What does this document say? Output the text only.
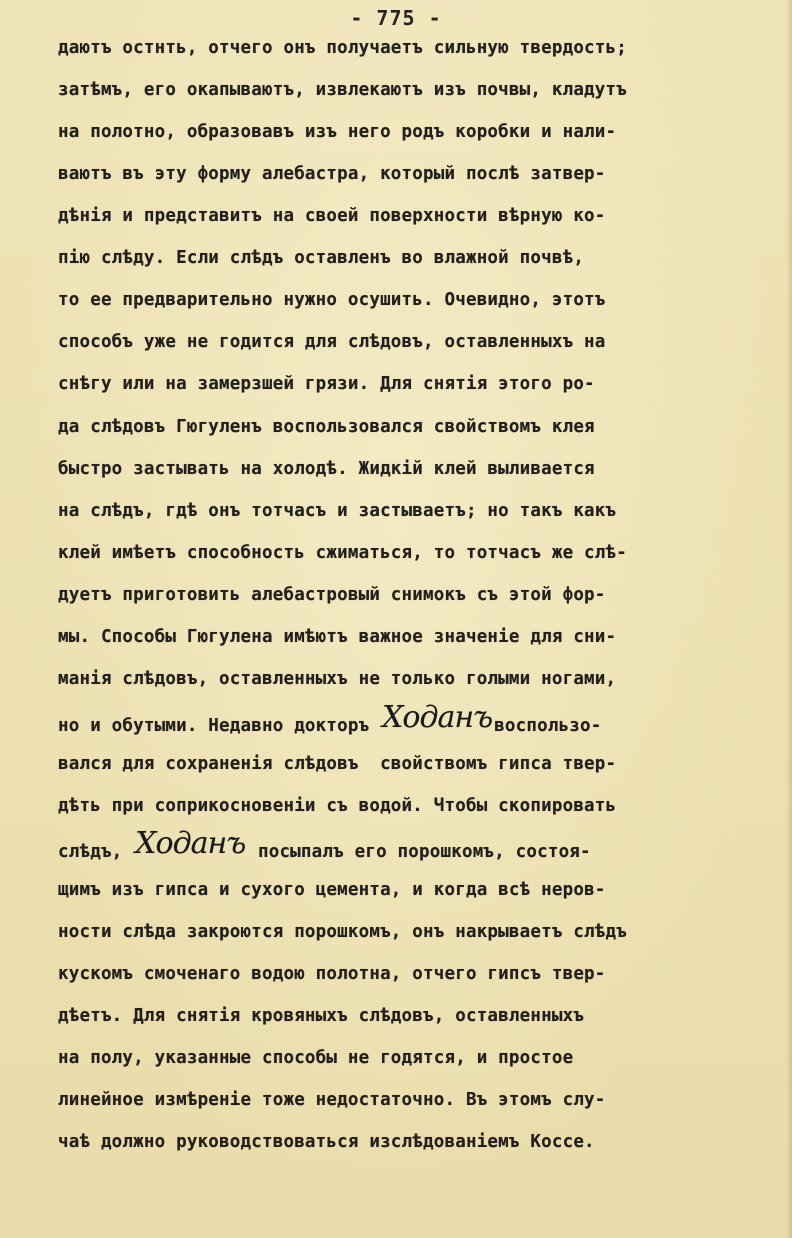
- 775 -
даютъ остнть, отчего онъ получаетъ сильную твердость;
затѣмъ, его окапываютъ, извлекаютъ изъ почвы, кладутъ
на полотно, образовавъ изъ него родъ коробки и нали-
ваютъ въ эту форму алебастра, который послѣ затвер-
дѣнія и представитъ на своей поверхности вѣрную ко-
пію слѣду. Если слѣдъ оставленъ во влажной почвѣ,
то ее предварительно нужно осушить. Очевидно, этотъ
способъ уже не годится для слѣдовъ, оставленныхъ на
снѣгу или на замерзшей грязи. Для снятія этого ро-
да слѣдовъ Гюгуленъ воспользовался свойствомъ клея
быстро застывать на холодѣ. Жидкій клей выливается
на слѣдъ, гдѣ онъ тотчасъ и застываетъ; но такъ какъ
клей имѣетъ способность сжиматься, то тотчасъ же слѣ-
дуетъ приготовить алебастровый снимокъ съ этой фор-
мы. Способы Гюгулена имѣютъ важное значеніе для сни-
манія слѣдовъ, оставленныхъ не только голыми ногами,
но и обутыми. Недавно докторъ Ходанъ воспользо-
вался для сохраненія слѣдовъ  свойствомъ гипса твер-
дѣть при соприкосновеніи съ водой. Чтобы скопировать
слѣдъ, Ходанъ посыпалъ его порошкомъ, состоя-
щимъ изъ гипса и сухого цемента, и когда всѣ неров-
ности слѣда закроются порошкомъ, онъ накрываетъ слѣдъ
кускомъ смоченаго водою полотна, отчего гипсъ твер-
дѣетъ. Для снятія кровяныхъ слѣдовъ, оставленныхъ
на полу, указанные способы не годятся, и простое
линейное измѣреніе тоже недостаточно. Въ этомъ слу-
чаѣ должно руководствоваться изслѣдованіемъ Коссе.
